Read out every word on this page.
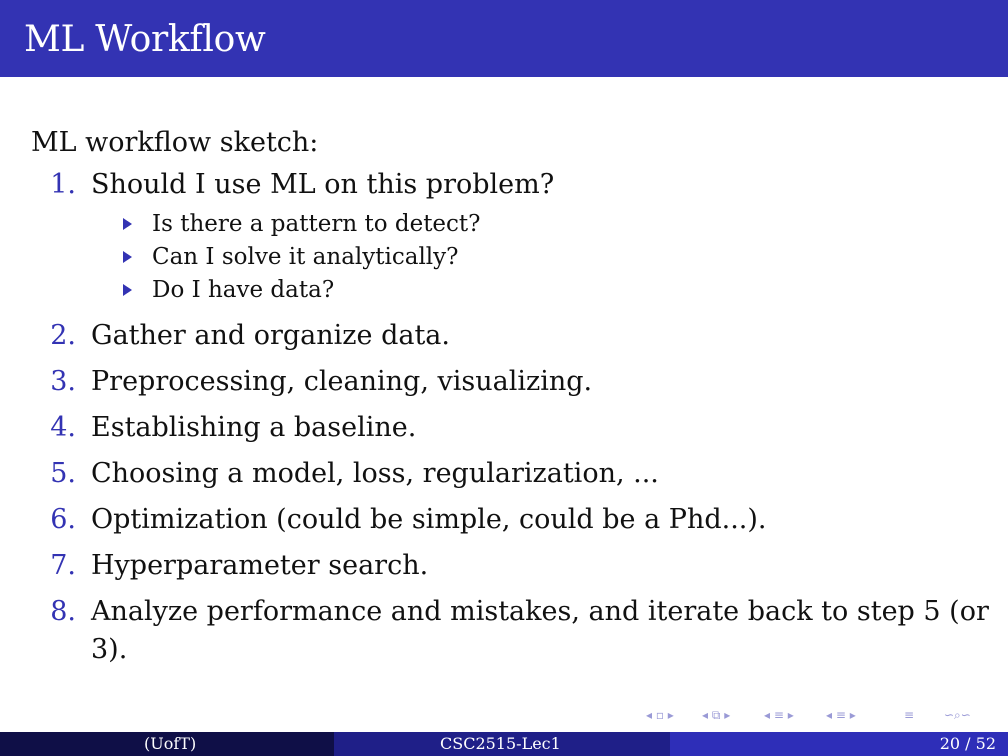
ML Workflow
ML workflow sketch:
1. Should I use ML on this problem?
Is there a pattern to detect?
Can I solve it analytically?
Do I have data?
2. Gather and organize data.
3. Preprocessing, cleaning, visualizing.
4. Establishing a baseline.
5. Choosing a model, loss, regularization, ...
6. Optimization (could be simple, could be a Phd...).
7. Hyperparameter search.
8. Analyze performance and mistakes, and iterate back to step 5 (or
3).
◂ ▫ ▸ ◂ ⧉ ▸	◂ ≡ ▸	◂ ≡ ▸	≡ ∽⌕∽
(UofT)	CSC2515-Lec1	20 / 52
